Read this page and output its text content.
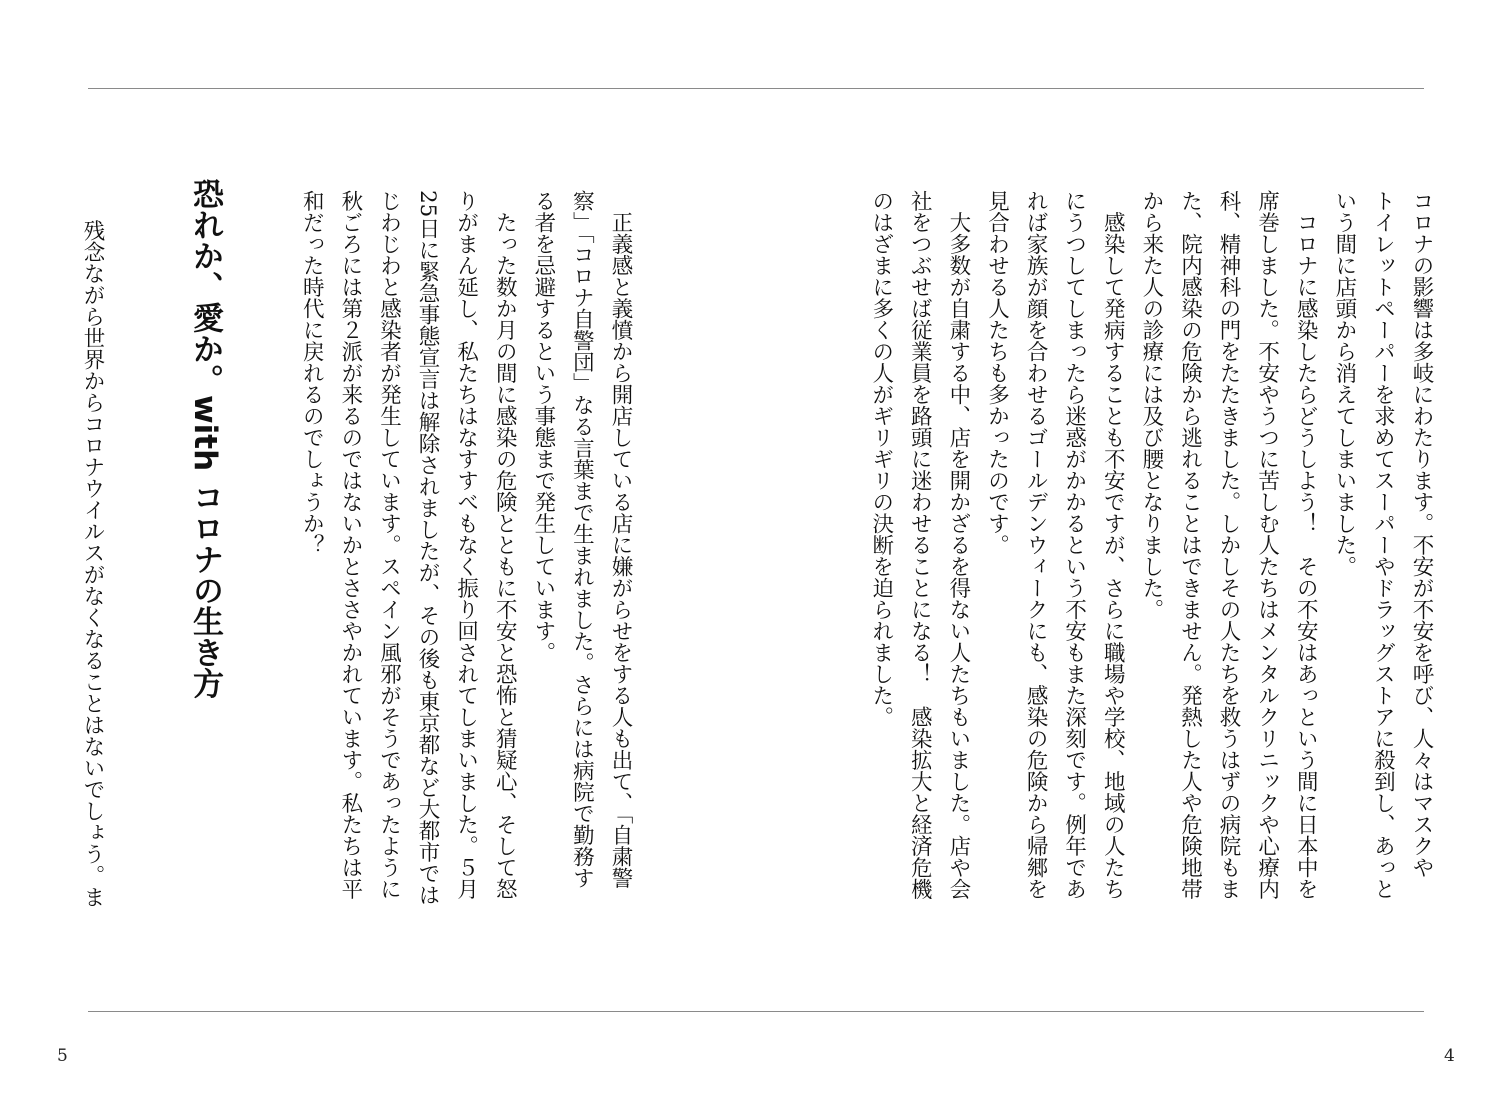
コロナの影響は多岐にわたります。不安が不安を呼び、人々はマスクや
トイレットペーパーを求めてスーパーやドラッグストアに殺到し、あっと
いう間に店頭から消えてしまいました。
　コロナに感染したらどうしよう！　その不安はあっという間に日本中を
席巻しました。不安やうつに苦しむ人たちはメンタルクリニックや心療内
科、精神科の門をたたきました。しかしその人たちを救うはずの病院もま
た、院内感染の危険から逃れることはできません。発熱した人や危険地帯
から来た人の診療には及び腰となりました。
　感染して発病することも不安ですが、さらに職場や学校、地域の人たち
にうつしてしまったら迷惑がかかるという不安もまた深刻です。例年であ
れば家族が顔を合わせるゴールデンウィークにも、感染の危険から帰郷を
見合わせる人たちも多かったのです。
　大多数が自粛する中、店を開かざるを得ない人たちもいました。店や会
社をつぶせば従業員を路頭に迷わせることになる！　感染拡大と経済危機
のはざまに多くの人がギリギリの決断を迫られました。
　正義感と義憤から開店している店に嫌がらせをする人も出て、「自粛警
察」「コロナ自警団」なる言葉まで生まれました。さらには病院で勤務す
る者を忌避するという事態まで発生しています。
　たった数か月の間に感染の危険とともに不安と恐怖と猜疑心、そして怒
りがまん延し、私たちはなすすべもなく振り回されてしまいました。５月
25日に緊急事態宣言は解除されましたが、その後も東京都など大都市では
じわじわと感染者が発生しています。スペイン風邪がそうであったように
秋ごろには第２派が来るのではないかとささやかれています。私たちは平
和だった時代に戻れるのでしょうか？
恐れか、愛か。with コロナの生き方
　残念ながら世界からコロナウイルスがなくなることはないでしょう。ま
5	4
